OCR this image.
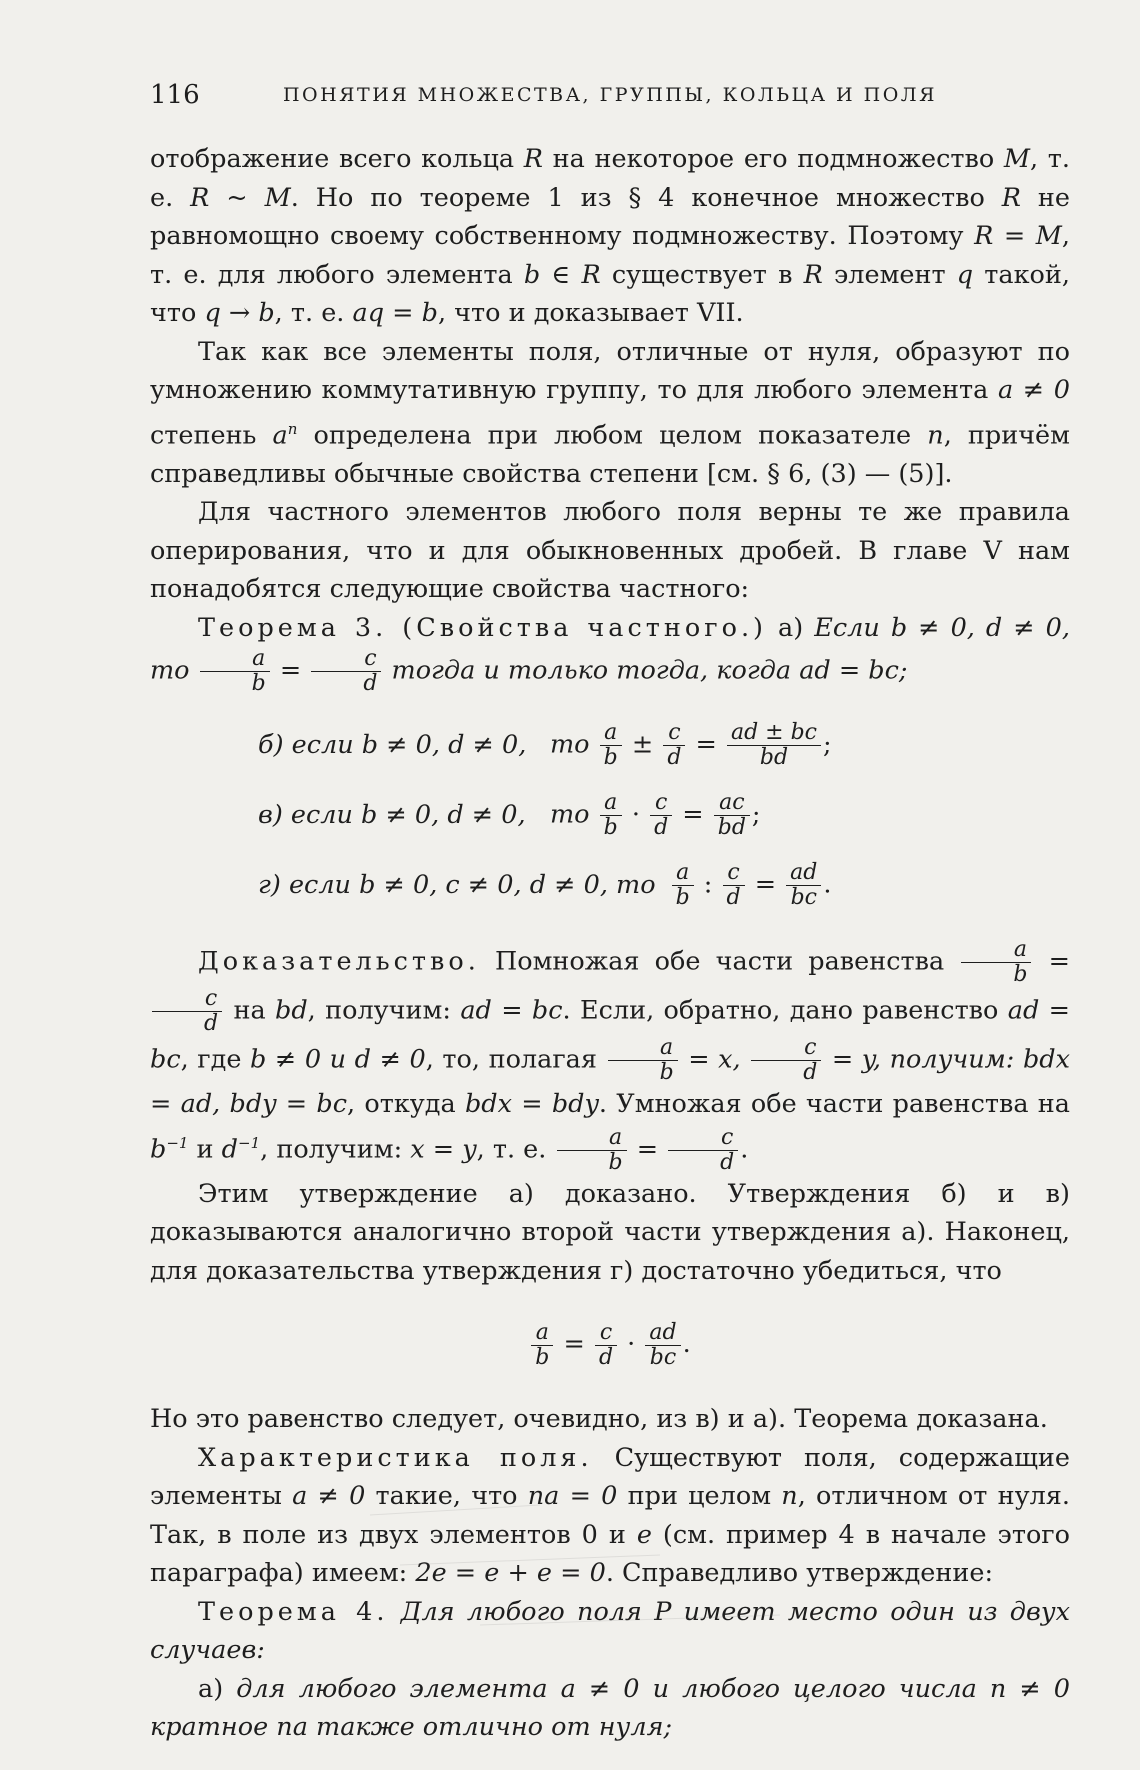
116	ПОНЯТИЯ МНОЖЕСТВА, ГРУППЫ, КОЛЬЦА И ПОЛЯ

отображение всего кольца R на некоторое его подмножество M, т. е. R ~ M. Но по теореме 1 из § 4 конечное множество R не равномощно своему собственному подмножеству. Поэтому R = M, т. е. для любого элемента b ∈ R существует в R элемент q такой, что q → b, т. е. aq = b, что и доказывает VII.

Так как все элементы поля, отличные от нуля, образуют по умножению коммутативную группу, то для любого элемента a ≠ 0 степень $a^n$ определена при любом целом показателе n, причём справедливы обычные свойства степени [см. § 6, (3) — (5)].

Для частного элементов любого поля верны те же правила оперирования, что и для обыкновенных дробей. В главе V нам понадобятся следующие свойства частного:

Теорема 3. (Свойства частного.) а) Если b ≠ 0, d ≠ 0, то $\frac{a}{b} = \frac{c}{d}$ тогда и только тогда, когда ad = bc;

б) если b ≠ 0, d ≠ 0, то $\frac{a}{b} \pm \frac{c}{d} = \frac{ad \pm bc}{bd}$ ;
в) если b ≠ 0, d ≠ 0, то $\frac{a}{b} \cdot \frac{c}{d} = \frac{ac}{bd}$ ;
г) если b ≠ 0, c ≠ 0, d ≠ 0, то $\frac{a}{b}$ : $\frac{c}{d} = \frac{ad}{bc}$ .

Доказательство. Помножая обе части равенства $\frac{a}{b}$ =
$\frac{c}{d}$ на bd, получим: ad = bc. Если, обратно, дано равенство ad = bc, где b ≠ 0 и d ≠ 0, то, полагая $\frac{a}{b} = x$, $\frac{c}{d} = y$, получим: bdx = ad, bdy = bc, откуда bdx = bdy. Умножая обе части равенства на $b^{-1}$ и $d^{-1}$, получим: x = y, т. е. $\frac{a}{b} = \frac{c}{d}$ .

Этим утверждение а) доказано. Утверждения б) и в) доказываются аналогично второй части утверждения а). Наконец, для доказательства утверждения г) достаточно убедиться, что

$\frac{a}{b} = \frac{c}{d} \cdot \frac{ad}{bc}$ .

Но это равенство следует, очевидно, из в) и а). Теорема доказана.

Характеристика поля. Существуют поля, содержащие элементы a ≠ 0 такие, что na = 0 при целом n, отличном от нуля. Так, в поле из двух элементов 0 и e (см. пример 4 в начале этого параграфа) имеем: 2e = e + e = 0. Справедливо утверждение:

Теорема 4. Для любого поля P имеет место один из двух случаев:

а) для любого элемента a ≠ 0 и любого целого числа n ≠ 0 кратное na также отлично от нуля;
